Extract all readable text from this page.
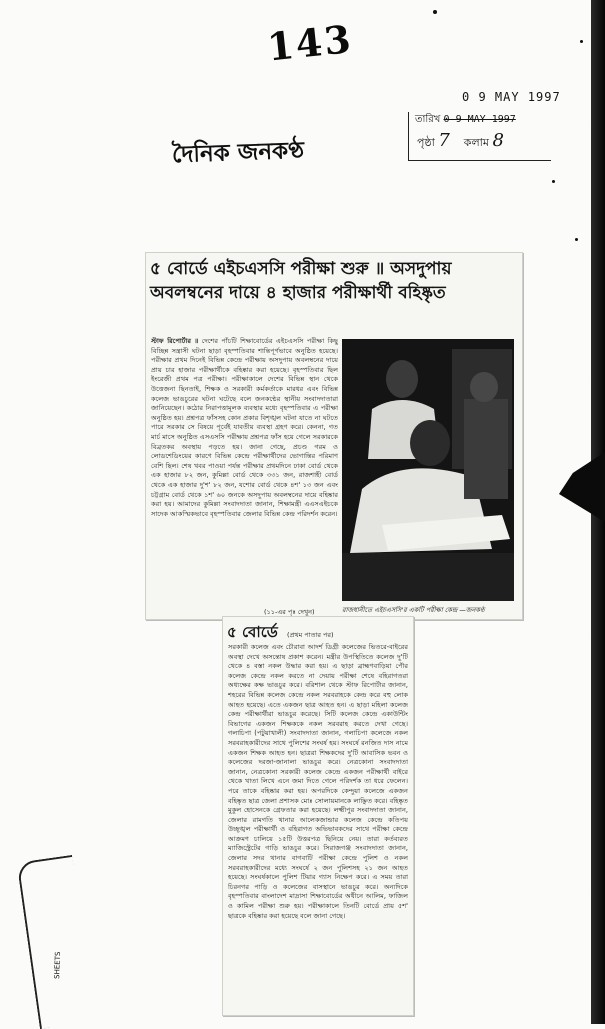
143
0 9 MAY 1997
তারিখ 0 9 MAY 1997
পৃষ্ঠা 7 কলাম 8
দৈনিক জনকণ্ঠ
৫ বোর্ডে এইচএসসি পরীক্ষা শুরু ॥ অসদুপায় অবলম্বনের দায়ে ৪ হাজার পরীক্ষার্থী বহিষ্কৃত

স্টাফ রিপোর্টার ॥ দেশের পাঁচটি শিক্ষাবোর্ডের এইচএসসি পরীক্ষা কিছু বিচ্ছিন্ন সন্ত্রাসী ঘটনা ছাড়া বৃহস্পতিবার শান্তিপূর্ণভাবে অনুষ্ঠিত হয়েছে। পরীক্ষার প্রথম দিনেই বিভিন্ন কেন্দ্রে পরীক্ষায় অসদুপায় অবলম্বনের দায়ে প্রায় চার হাজার পরীক্ষার্থীকে বহিষ্কার করা হয়েছে। বৃহস্পতিবার ছিল ইংরেজী প্রথম পত্র পরীক্ষা। পরীক্ষাকালে দেশের বিভিন্ন স্থান থেকে উত্তেজনা ছিনতাই, শিক্ষক ও সরকারী কর্মকর্তাকে মারধর এবং বিভিন্ন কলেজ ভাঙচুরের ঘটনা ঘটেছে বলে জনকণ্ঠের স্থানীয় সংবাদদাতারা জানিয়েছেন। কঠোর নিরাপত্তামূলক ব্যবস্থার মধ্যে বৃহস্পতিবার এ পরীক্ষা অনুষ্ঠিত হয়। প্রশ্নপত্র ফাঁসসহ কোন প্রকার বিশৃঙ্খল ঘটনা যাতে না ঘটতে পারে সরকার সে বিষয়ে পূর্বেই যাবতীয় ব্যবস্থা গ্রহণ করে। কেননা, গত মার্চ মাসে অনুষ্ঠিত এসএসসি পরীক্ষায় প্রশ্নপত্র ফাঁস হয়ে গেলে সরকারকে বিব্রতকর অবস্থায় পড়তে হয়। জানা গেছে, প্রচণ্ড গরম ও লোডশেডিংয়ের কারণে বিভিন্ন কেন্দ্রে পরীক্ষার্থীদের ভোগান্তির পরিমাণ বেশি ছিল। শেষ খবর পাওয়া পর্যন্ত পরীক্ষার প্রথমদিনে ঢাকা বোর্ড থেকে এক হাজার ৮২ জন, কুমিল্লা বোর্ড থেকে ৩৩১ জন, রাজশাহী বোর্ড থেকে এক হাজার দু'শ' ৮২ জন, যশোর বোর্ড থেকে ৪শ' ১৩ জন এবং চট্টগ্রাম বোর্ড থেকে ১শ' ৬০ জনকে অসদুপায় অবলম্বনের দায়ে বহিষ্কার করা হয়। আমাদের কুমিল্লা সংবাদদাতা জানান, শিক্ষামন্ত্রী এএসএইচকে সাদেক আকস্মিকভাবে বৃহস্পতিবার জেলার বিভিন্ন কেন্দ্র পরিদর্শন করেন।

(১১-এর পৃঃ দেখুন)	রাজধানীতে এইচএসসি'র একটি পরীক্ষা কেন্দ্র —জনকণ্ঠ
৫ বোর্ডে (প্রথম পাতার পর)

সরকারী কলেজ এবং চৌরাবা আদর্শ ডিগ্রী কলেজের ভিতরে-বাইরের অবস্থা দেখে অসন্তোষ প্রকাশ করেন। মন্ত্রীর উপস্থিতিতে কলেজ দু'টি থেকে ৪ বস্তা নকল উদ্ধার করা হয়। এ ছাড়া ব্রাহ্মণবাড়িয়া পৌর কলেজ কেন্দ্রে নকল করতে না দেয়ায় পরীক্ষা শেষে বহিরাগতরা অধ্যক্ষের কক্ষ ভাঙচুর করে। বরিশাল থেকে স্টাফ রিপোর্টার জানান, শহরের বিভিন্ন কলেজ কেন্দ্রে নকল সরবরাহকে কেন্দ্র করে বহু লোক আহত হয়েছে। এতে একজন ছাত্র আহত হন। এ ছাড়া মহিলা কলেজ কেন্দ্র পরীক্ষার্থীরা ভাঙচুর করেছে। সিটি কলেজ কেন্দ্রে একাউন্টিং বিভাগের একজন শিক্ষককে নকল সরবরাহ করতে দেখা গেছে। গলাচিপা (পটুয়াখালী) সংবাদদাতা জানান, গলাচিপা কলেজে নকল সরবরাহকারীদের সাথে পুলিশের সংঘর্ষ হয়। সংঘর্ষে রনজিত দাস নামে একজন শিক্ষক আহত হন। ছাত্ররা শিক্ষকদের দু'টি আবাসিক ভবন ও কলেজের দরজা-জানালা ভাঙচুর করে। নেত্রকোনা সংবাদদাতা জানান, নেত্রকোনা সরকারী কলেজ কেন্দ্রে একজন পরীক্ষার্থী বাইরে থেকে খাতা লিখে এনে জমা দিতে গেলে পরিদর্শক তা ধরে ফেলেন। পরে তাকে বহিষ্কার করা হয়। অপরদিকে কেন্দুয়া কলেজে একজন বহিষ্কৃত ছাত্র জেলা প্রশাসক মোঃ সোলায়মানকে লাঞ্ছিত করে। বহিষ্কৃত মুকুল হোসেনকে গ্রেফতার করা হয়েছে। লক্ষ্মীপুর সংবাদদাতা জানান, জেলার রামগতি থানার আলেকজান্ডার কলেজ কেন্দ্রে কতিপয় উচ্ছৃঙ্খল পরীক্ষার্থী ও বহিরাগত অভিভাবকদের সাথে পরীক্ষা কেন্দ্রে আক্রমণ চালিয়ে ১৫টি উত্তরপত্র ছিনিয়ে নেয়। তারা কর্তব্যরত ম্যাজিস্ট্রেটের গাড়ি ভাঙচুর করে। সিরাজগঞ্জ সংবাদদাতা জানান, জেলার সদর থানার বাগবাটি পরীক্ষা কেন্দ্রে পুলিশ ও নকল সরবরাহকারীদের মধ্যে সংঘর্ষে ২ জন পুলিশসহ ২১ জন আহত হয়েছে। সংঘর্ষকালে পুলিশ টিয়ার গ্যাস নিক্ষেপ করে। এ সময় তারা চিরনগর পাড়ি ও কলেজের বাসস্থানে ভাঙচুর করে। অন্যদিকে বৃহস্পতিবার বাংলাদেশ মাদ্রাসা শিক্ষাবোর্ডের অধীনে আলিম, ফাজিল ও কামিল পরীক্ষা শুরু হয়। পরীক্ষাকালে তিনটি বোর্ডে প্রায় ৫শ' ছাত্রকে বহিষ্কার করা হয়েছে বলে জানা গেছে।

SHEETS
